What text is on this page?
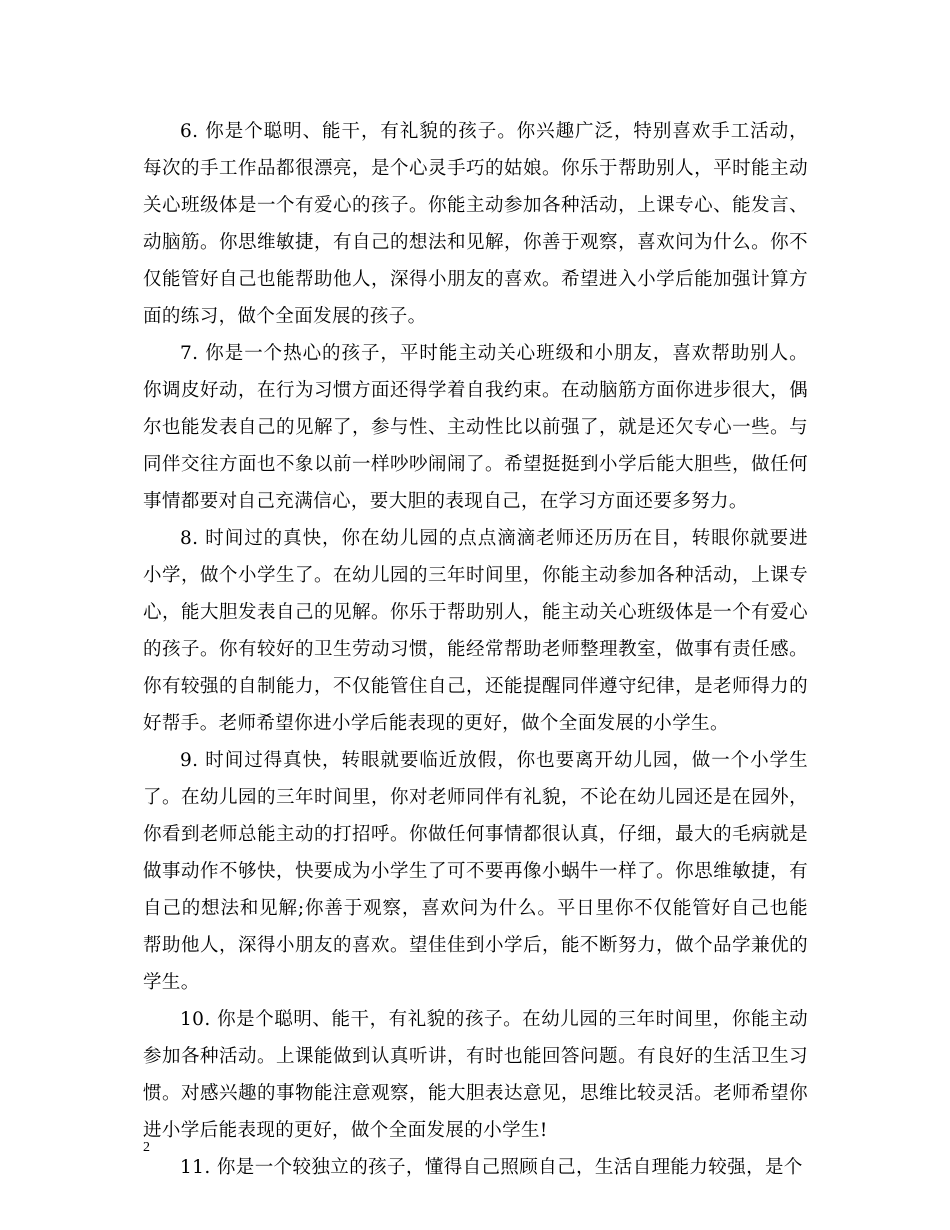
6. 你是个聪明、能干，有礼貌的孩子。你兴趣广泛，特别喜欢手工活动，每次的手工作品都很漂亮，是个心灵手巧的姑娘。你乐于帮助别人，平时能主动关心班级体是一个有爱心的孩子。你能主动参加各种活动，上课专心、能发言、动脑筋。你思维敏捷，有自己的想法和见解，你善于观察，喜欢问为什么。你不仅能管好自己也能帮助他人，深得小朋友的喜欢。希望进入小学后能加强计算方面的练习，做个全面发展的孩子。

7. 你是一个热心的孩子，平时能主动关心班级和小朋友，喜欢帮助别人。你调皮好动，在行为习惯方面还得学着自我约束。在动脑筋方面你进步很大，偶尔也能发表自己的见解了，参与性、主动性比以前强了，就是还欠专心一些。与同伴交往方面也不象以前一样吵吵闹闹了。希望挺挺到小学后能大胆些，做任何事情都要对自己充满信心，要大胆的表现自己，在学习方面还要多努力。

8. 时间过的真快，你在幼儿园的点点滴滴老师还历历在目，转眼你就要进小学，做个小学生了。在幼儿园的三年时间里，你能主动参加各种活动，上课专心，能大胆发表自己的见解。你乐于帮助别人，能主动关心班级体是一个有爱心的孩子。你有较好的卫生劳动习惯，能经常帮助老师整理教室，做事有责任感。你有较强的自制能力，不仅能管住自己，还能提醒同伴遵守纪律，是老师得力的好帮手。老师希望你进小学后能表现的更好，做个全面发展的小学生。

9. 时间过得真快，转眼就要临近放假，你也要离开幼儿园，做一个小学生了。在幼儿园的三年时间里，你对老师同伴有礼貌，不论在幼儿园还是在园外，你看到老师总能主动的打招呼。你做任何事情都很认真，仔细，最大的毛病就是做事动作不够快，快要成为小学生了可不要再像小蜗牛一样了。你思维敏捷，有自己的想法和见解;你善于观察，喜欢问为什么。平日里你不仅能管好自己也能帮助他人，深得小朋友的喜欢。望佳佳到小学后，能不断努力，做个品学兼优的学生。

10. 你是个聪明、能干，有礼貌的孩子。在幼儿园的三年时间里，你能主动参加各种活动。上课能做到认真听讲，有时也能回答问题。有良好的生活卫生习惯。对感兴趣的事物能注意观察，能大胆表达意见，思维比较灵活。老师希望你进小学后能表现的更好，做个全面发展的小学生!

11. 你是一个较独立的孩子，懂得自己照顾自己，生活自理能力较强，是个

2
